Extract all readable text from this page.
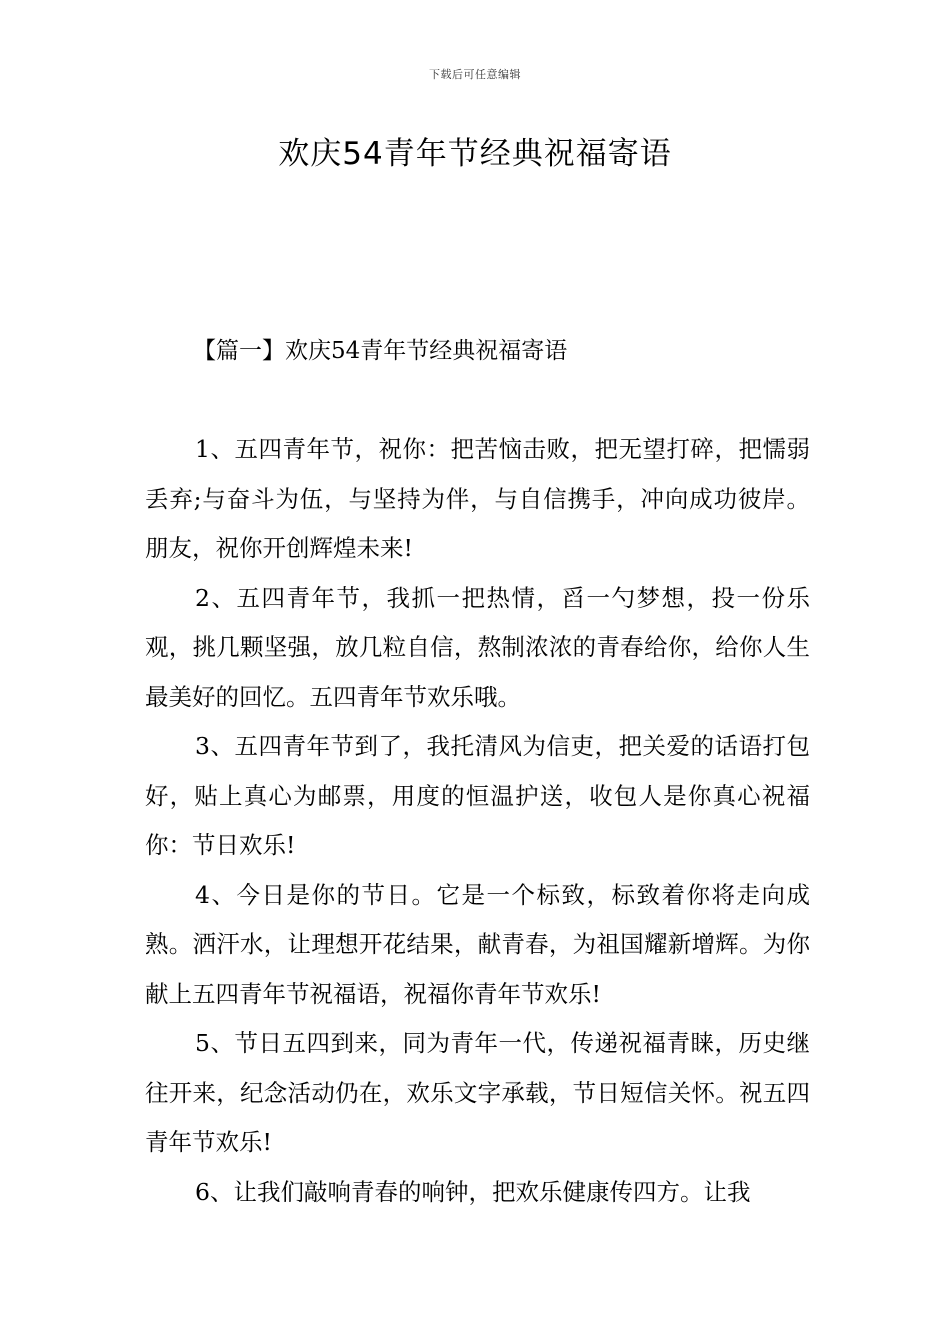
下载后可任意编辑
欢庆54青年节经典祝福寄语
【篇一】欢庆54青年节经典祝福寄语

1、五四青年节，祝你：把苦恼击败，把无望打碎，把懦弱丢弃;与奋斗为伍，与坚持为伴，与自信携手，冲向成功彼岸。朋友，祝你开创辉煌未来!

2、五四青年节，我抓一把热情，舀一勺梦想，投一份乐观，挑几颗坚强，放几粒自信，熬制浓浓的青春给你，给你人生最美好的回忆。五四青年节欢乐哦。

3、五四青年节到了，我托清风为信吏，把关爱的话语打包好，贴上真心为邮票，用度的恒温护送，收包人是你真心祝福你：节日欢乐!

4、今日是你的节日。它是一个标致，标致着你将走向成熟。洒汗水，让理想开花结果，献青春，为祖国耀新增辉。为你献上五四青年节祝福语，祝福你青年节欢乐!

5、节日五四到来，同为青年一代，传递祝福青睐，历史继往开来，纪念活动仍在，欢乐文字承载，节日短信关怀。祝五四青年节欢乐!

6、让我们敲响青春的响钟，把欢乐健康传四方。让我
